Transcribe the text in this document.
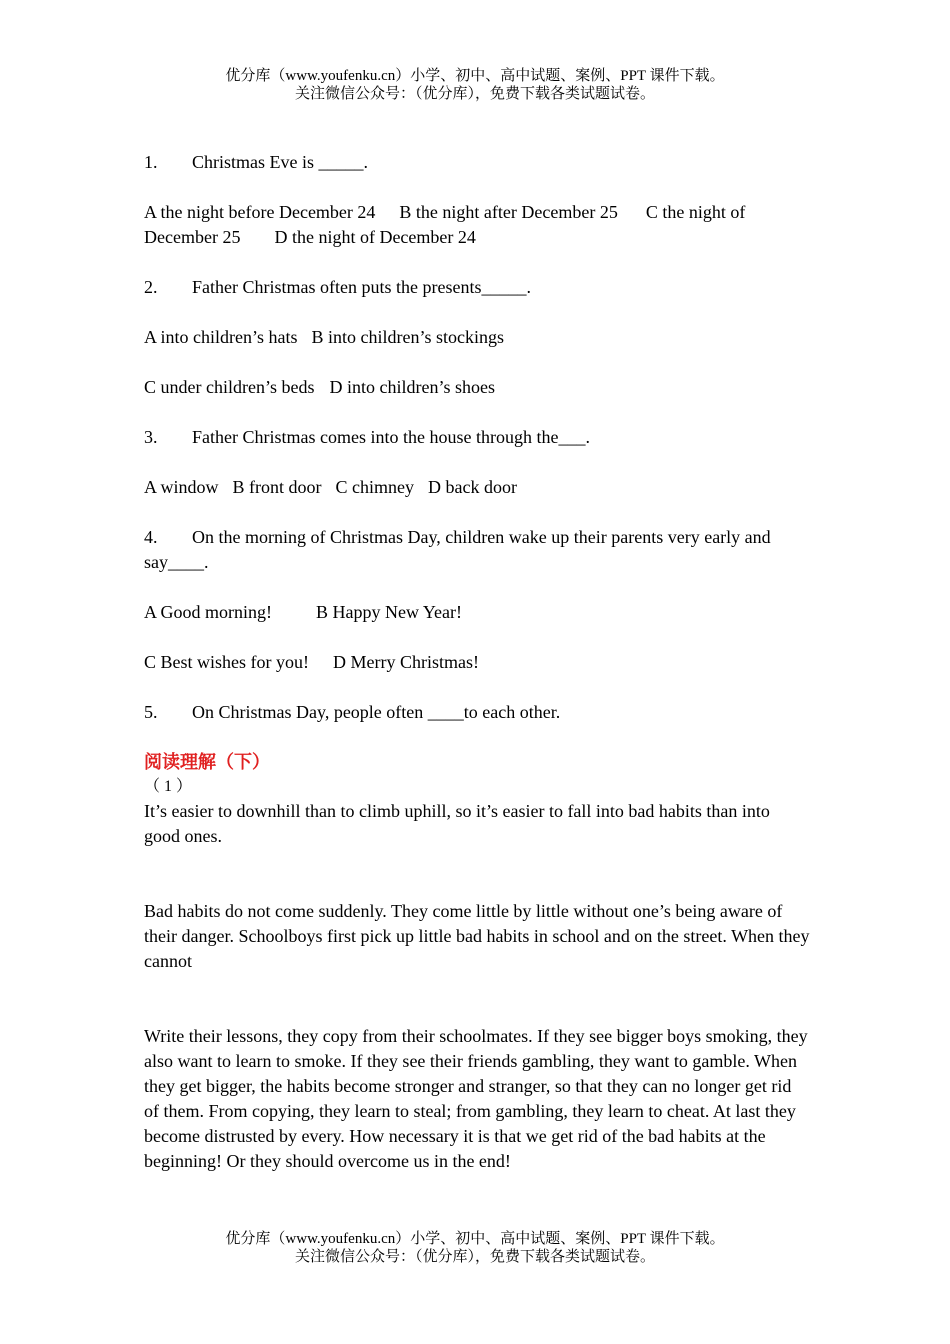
优分库（www.youfenku.cn）小学、初中、高中试题、案例、PPT 课件下载。
关注微信公众号：（优分库），免费下载各类试题试卷。
1.	Christmas Eve is _____.

A the night before December 24 B the night after December 25 C the night of
December 25 D the night of December 24

2.	Father Christmas often puts the presents_____.

A into children’s hats B into children’s stockings

C under children’s beds D into children’s shoes

3.	Father Christmas comes into the house through the___.

A window B front door C chimney D back door

4. On the morning of Christmas Day, children wake up their parents very early and say____.

A Good morning! B Happy New Year!

C Best wishes for you! D Merry Christmas!

5.	On Christmas Day, people often ____to each other.
阅读理解（下）
（ 1 ）
It’s easier to downhill than to climb uphill, so it’s easier to fall into bad habits than into good ones.
Bad habits do not come suddenly. They come little by little without one’s being aware of their danger. Schoolboys first pick up little bad habits in school and on the street. When they cannot
Write their lessons, they copy from their schoolmates. If they see bigger boys smoking, they also want to learn to smoke. If they see their friends gambling, they want to gamble. When they get bigger, the habits become stronger and stranger, so that they can no longer get rid of them. From copying, they learn to steal; from gambling, they learn to cheat. At last they become distrusted by every. How necessary it is that we get rid of the bad habits at the beginning! Or they should overcome us in the end!
优分库（www.youfenku.cn）小学、初中、高中试题、案例、PPT 课件下载。
关注微信公众号：（优分库），免费下载各类试题试卷。
